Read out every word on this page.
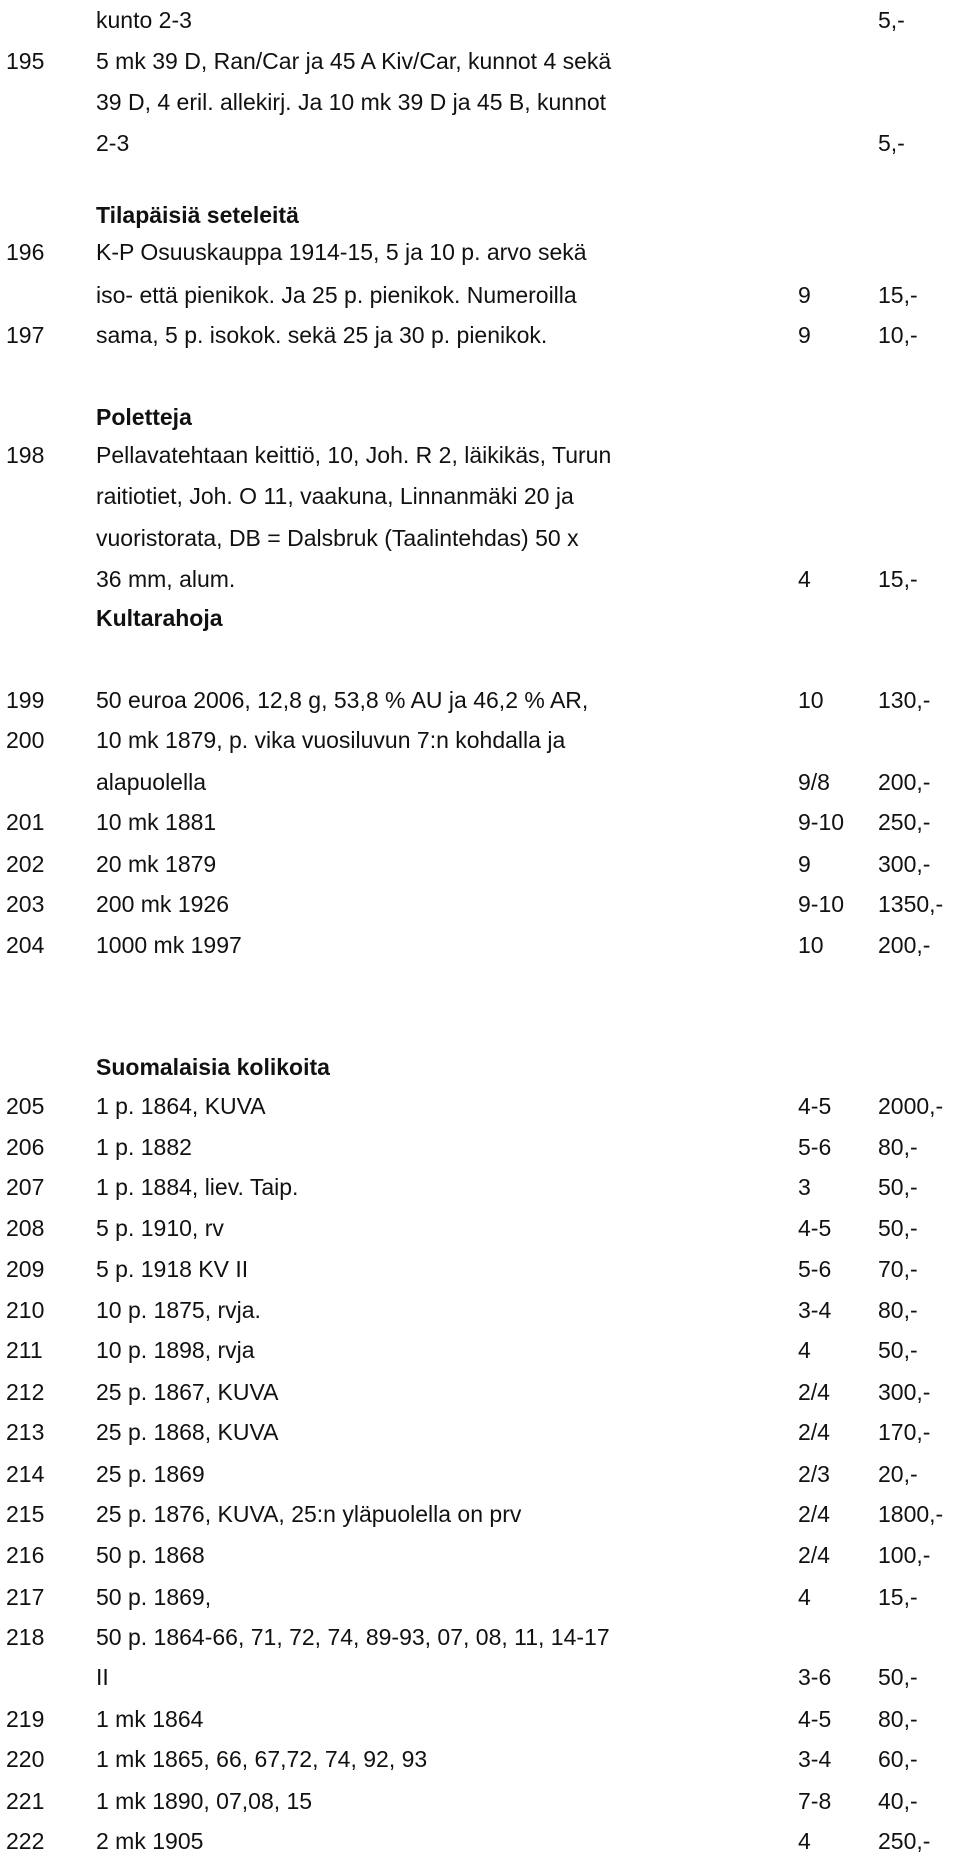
kunto 2-3	5,-
195 5 mk 39 D, Ran/Car ja 45 A Kiv/Car, kunnot 4 sekä
39 D, 4 eril. allekirj. Ja 10 mk 39 D ja 45 B, kunnot
2-3	5,-
Tilapäisiä seteleitä
196 K-P Osuuskauppa 1914-15, 5 ja 10 p. arvo sekä
iso- että pienikok. Ja 25 p. pienikok. Numeroilla	9	15,-
197 sama, 5 p. isokok. sekä 25 ja 30 p. pienikok.	9	10,-
Poletteja
198 Pellavatehtaan keittiö, 10, Joh. R 2, läikikäs, Turun
raitiotiet, Joh. O 11, vaakuna, Linnanmäki 20 ja
vuoristorata, DB = Dalsbruk (Taalintehdas) 50 x
36 mm, alum.	4	15,-
Kultarahoja
199 50 euroa 2006, 12,8 g, 53,8 % AU ja 46,2 % AR,	10 130,-
200 10 mk 1879, p. vika vuosiluvun 7:n kohdalla ja
alapuolella	9/8 200,-
201 10 mk 1881	9-10 250,-
202 20 mk 1879	9	300,-
203 200 mk 1926	9-10 1350,-
204 1000 mk 1997	10 200,-
Suomalaisia kolikoita
205 1 p. 1864, KUVA	4-5 2000,-
206 1 p. 1882	5-6 80,-
207 1 p. 1884, liev. Taip.	3	50,-
208 5 p. 1910, rv	4-5 50,-
209 5 p. 1918 KV II	5-6 70,-
210 10 p. 1875, rvja.	3-4 80,-
211 10 p. 1898, rvja	4	50,-
212 25 p. 1867, KUVA	2/4 300,-
213 25 p. 1868, KUVA	2/4 170,-
214 25 p. 1869	2/3 20,-
215 25 p. 1876, KUVA, 25:n yläpuolella on prv	2/4 1800,-
216 50 p. 1868	2/4 100,-
217 50 p. 1869,	4	15,-
218 50 p. 1864-66, 71, 72, 74, 89-93, 07, 08, 11, 14-17
II	3-6 50,-
219 1 mk 1864	4-5 80,-
220 1 mk 1865, 66, 67,72, 74, 92, 93	3-4 60,-
221 1 mk 1890, 07,08, 15	7-8 40,-
222 2 mk 1905	4	250,-
